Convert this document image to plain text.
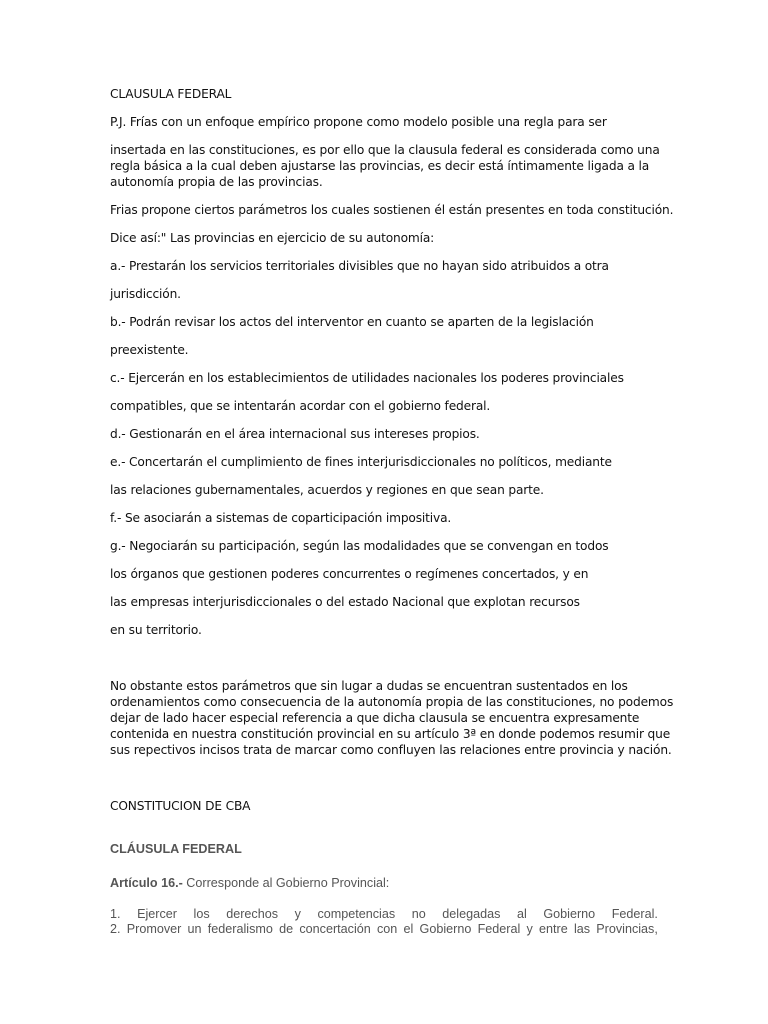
CLAUSULA FEDERAL
P.J. Frías con un enfoque empírico propone como modelo posible una regla para ser
insertada en las constituciones, es por ello que la clausula federal es considerada como una
regla básica a la cual deben ajustarse las provincias, es decir está íntimamente ligada a la
autonomía propia de las provincias.
Frias propone ciertos parámetros los cuales sostienen él están presentes en toda constitución.
Dice así:" Las provincias en ejercicio de su autonomía:
a.- Prestarán los servicios territoriales divisibles que no hayan sido atribuidos a otra
jurisdicción.
b.- Podrán revisar los actos del interventor en cuanto se aparten de la legislación
preexistente.
c.- Ejercerán en los establecimientos de utilidades nacionales los poderes provinciales
compatibles, que se intentarán acordar con el gobierno federal.
d.- Gestionarán en el área internacional sus intereses propios.
e.- Concertarán el cumplimiento de fines interjurisdiccionales no políticos, mediante
las relaciones gubernamentales, acuerdos y regiones en que sean parte.
f.- Se asociarán a sistemas de coparticipación impositiva.
g.- Negociarán su participación, según las modalidades que se convengan en todos
los órganos que gestionen poderes concurrentes o regímenes concertados, y en
las empresas interjurisdiccionales o del estado Nacional que explotan recursos
en su territorio.
No obstante estos parámetros que sin lugar a dudas se encuentran sustentados en los
ordenamientos como consecuencia de la autonomía propia de las constituciones, no podemos
dejar de lado hacer especial referencia a que dicha clausula se encuentra expresamente
contenida en nuestra constitución provincial en su artículo 3ª en donde podemos resumir que
sus repectivos incisos trata de marcar como confluyen las relaciones entre provincia y nación.
CONSTITUCION DE CBA
CLÁUSULA FEDERAL
Artículo 16.- Corresponde al Gobierno Provincial:
1. Ejercer los derechos y competencias no delegadas al Gobierno Federal.
2. Promover un federalismo de concertación con el Gobierno Federal y entre las Provincias,
